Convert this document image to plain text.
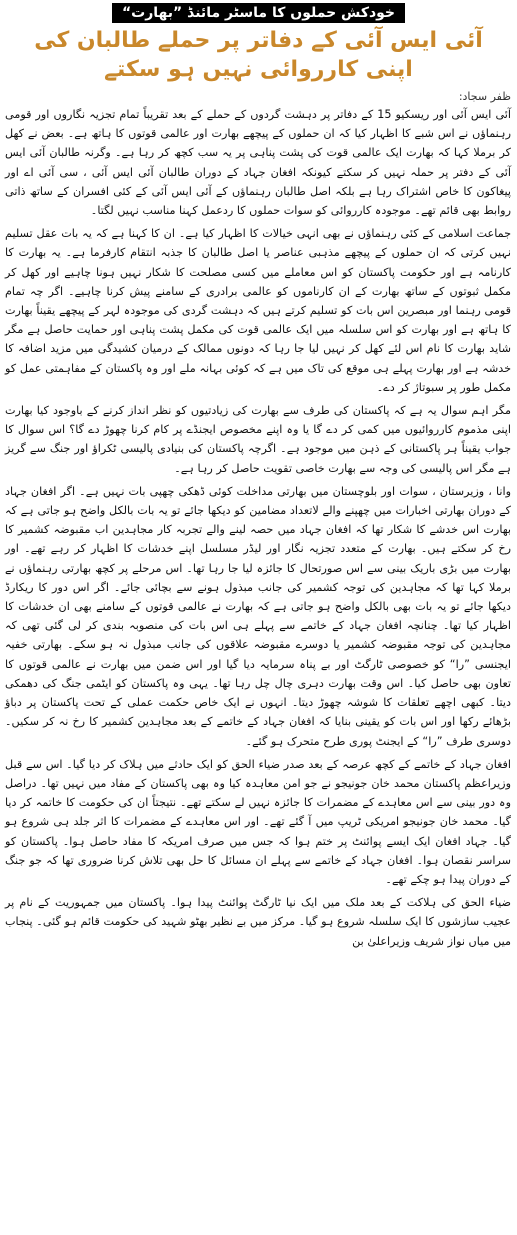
خودکش حملوں کا ماسٹر مائنڈ ”بھارت“
آئی ایس آئی کے دفاتر پر حملے طالبان کی اپنی کارروائی نہیں ہو سکتے
ظفر سجاد:

آئی ایس آئی اور ریسکیو 15 کے دفاتر پر دہشت گردوں کے حملے کے بعد تقریباً تمام تجزیہ نگاروں اور قومی رہنماؤں نے اس شبے کا اظہار کیا کہ ان حملوں کے پیچھے بھارت اور عالمی قوتوں کا ہاتھ ہے۔ بعض نے کھل کر برملا کہا کہ بھارت ایک عالمی قوت کی پشت پناہی پر یہ سب کچھ کر رہا ہے۔ وگرنہ طالبان آئی ایس آئی کے دفتر پر حملہ نہیں کر سکتے کیونکہ افغان جہاد کے دوران طالبان آئی ایس آئی ، سی آئی اے اور پیغاکون کا خاص اشتراک رہا ہے بلکہ اصل طالبان رہنماؤں کے آئی ایس آئی کے کئی افسران کے ساتھ ذاتی روابط بھی قائم تھے۔ موجودہ کارروائی کو سوات حملوں کا ردعمل کہنا مناسب نہیں لگتا۔

جماعت اسلامی کے کئی رہنماؤں نے بھی انہی خیالات کا اظہار کیا ہے۔ ان کا کہنا ہے کہ یہ بات عقل تسلیم نہیں کرتی کہ ان حملوں کے پیچھے مذہبی عناصر یا اصل طالبان کا جذبہ انتقام کارفرما ہے۔ یہ بھارت کا کارنامہ ہے اور حکومت پاکستان کو اس معاملے میں کسی مصلحت کا شکار نہیں ہونا چاہیے اور کھل کر مکمل ثبوتوں کے ساتھ بھارت کے ان کارناموں کو عالمی برادری کے سامنے پیش کرنا چاہیے۔ اگر چہ تمام قومی رہنما اور مبصرین اس بات کو تسلیم کرتے ہیں کہ دہشت گردی کی موجودہ لہر کے پیچھے یقیناً بھارت کا ہاتھ ہے اور بھارت کو اس سلسلہ میں ایک عالمی قوت کی مکمل پشت پناہی اور حمایت حاصل ہے مگر شاید بھارت کا نام اس لئے کھل کر نہیں لیا جا رہا کہ دونوں ممالک کے درمیان کشیدگی میں مزید اضافہ کا خدشہ ہے اور بھارت پہلے ہی موقع کی تاک میں ہے کہ کوئی بہانہ ملے اور وہ پاکستان کے مفاہمتی عمل کو مکمل طور پر سبوتاژ کر دے۔

مگر اہم سوال یہ ہے کہ پاکستان کی طرف سے بھارت کی زیادتیوں کو نظر انداز کرنے کے باوجود کیا بھارت اپنی مذموم کارروائیوں میں کمی کر دے گا یا وہ اپنے مخصوص ایجنڈے پر کام کرنا چھوڑ دے گا؟ اس سوال کا جواب یقیناً ہر پاکستانی کے ذہن میں موجود ہے۔ اگرچہ پاکستان کی بنیادی پالیسی ٹکراؤ اور جنگ سے گریز ہے مگر اس پالیسی کی وجہ سے بھارت خاصی تقویت حاصل کر رہا ہے۔

وانا ، وزیرستان ، سوات اور بلوچستان میں بھارتی مداخلت کوئی ڈھکی چھپی بات نہیں ہے۔ اگر افغان جہاد کے دوران بھارتی اخبارات میں چھپنے والے لاتعداد مضامین کو دیکھا جائے تو یہ بات بالکل واضح ہو جاتی ہے کہ بھارت اس خدشے کا شکار تھا کہ افغان جہاد میں حصہ لینے والے تجربہ کار مجاہدین اب مقبوضہ کشمیر کا رخ کر سکتے ہیں۔ بھارت کے متعدد تجزیہ نگار اور لیڈر مسلسل اپنے خدشات کا اظہار کر رہے تھے۔ اور بھارت میں بڑی باریک بینی سے اس صورتحال کا جائزہ لیا جا رہا تھا۔ اس مرحلے پر کچھ بھارتی رہنماؤں نے برملا کہا تھا کہ مجاہدین کی توجہ کشمیر کی جانب مبذول ہونے سے بچائی جائے۔ اگر اس دور کا ریکارڈ دیکھا جائے تو یہ بات بھی بالکل واضح ہو جاتی ہے کہ بھارت نے عالمی قوتوں کے سامنے بھی ان خدشات کا اظہار کیا تھا۔ چنانچہ افغان جہاد کے خاتمے سے پہلے ہی اس بات کی منصوبہ بندی کر لی گئی تھی کہ مجاہدین کی توجہ مقبوضہ کشمیر یا دوسرے مقبوضہ علاقوں کی جانب مبذول نہ ہو سکے۔ بھارتی خفیہ ایجنسی ”را“ کو خصوصی ٹارگٹ اور بے پناہ سرمایہ دیا گیا اور اس ضمن میں بھارت نے عالمی قوتوں کا تعاون بھی حاصل کیا۔ اس وقت بھارت دہری چال چل رہا تھا۔ یہی وہ پاکستان کو ایٹمی جنگ کی دھمکی دیتا۔ کبھی اچھے تعلقات کا شوشہ چھوڑ دیتا۔ انہوں نے ایک خاص حکمت عملی کے تحت پاکستان پر دباؤ بڑھائے رکھا اور اس بات کو یقینی بنایا کہ افغان جہاد کے خاتمے کے بعد مجاہدین کشمیر کا رخ نہ کر سکیں۔ دوسری طرف ”را“ کے ایجنٹ پوری طرح متحرک ہو گئے۔

افغان جہاد کے خاتمے کے کچھ عرصہ کے بعد صدر ضیاء الحق کو ایک حادثے میں ہلاک کر دیا گیا۔ اس سے قبل وزیراعظم پاکستان محمد خان جونیجو نے جو امن معاہدہ کیا وہ بھی پاکستان کے مفاد میں نہیں تھا۔ دراصل وہ دور بینی سے اس معاہدے کے مضمرات کا جائزہ نہیں لے سکتے تھے۔ نتیجتاً ان کی حکومت کا خاتمہ کر دیا گیا۔ محمد خان جونیجو امریکی ٹریپ میں آ گئے تھے۔ اور اس معاہدے کے مضمرات کا اثر جلد ہی شروع ہو گیا۔ جہاد افغان ایک ایسے پوائنٹ پر ختم ہوا کہ جس میں صرف امریکہ کا مفاد حاصل ہوا۔ پاکستان کو سراسر نقصان ہوا۔ افغان جہاد کے خاتمے سے پہلے ان مسائل کا حل بھی تلاش کرنا ضروری تھا کہ جو جنگ کے دوران پیدا ہو چکے تھے۔

ضیاء الحق کی ہلاکت کے بعد ملک میں ایک نیا ٹارگٹ پوائنٹ پیدا ہوا۔ پاکستان میں جمہوریت کے نام پر عجیب سازشوں کا ایک سلسلہ شروع ہو گیا۔ مرکز میں بے نظیر بھٹو شہید کی حکومت قائم ہو گئی۔ پنجاب میں میاں نواز شریف وزیراعلیٰ بن
